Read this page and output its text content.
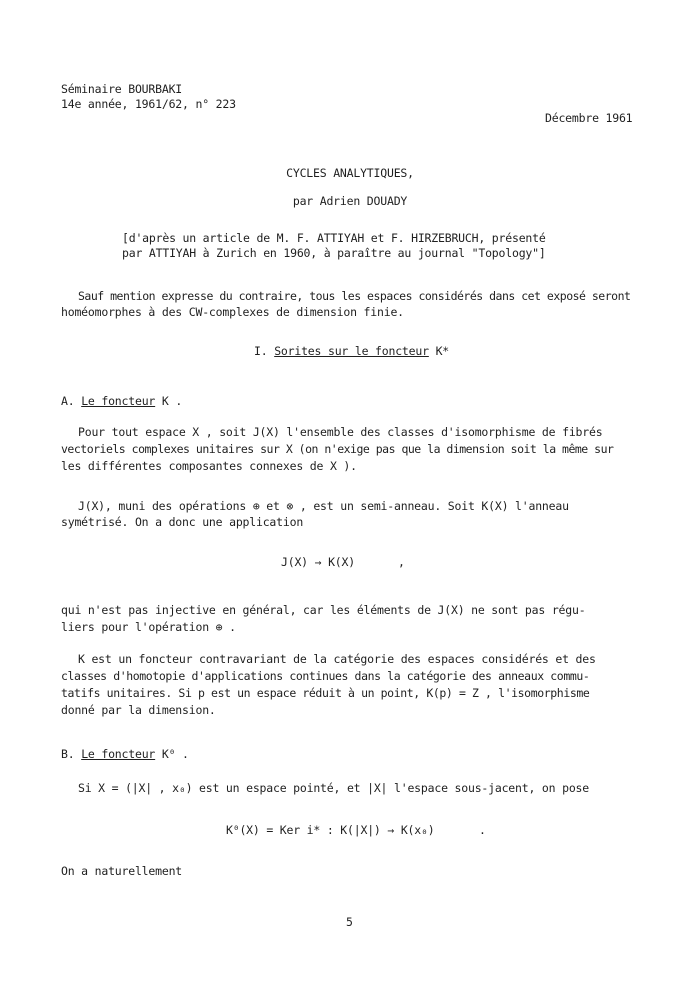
Séminaire BOURBAKI
14e année, 1961/62, n° 223
Décembre 1961
CYCLES ANALYTIQUES,
par Adrien DOUADY
[d'après un article de M. F. ATTIYAH et F. HIRZEBRUCH, présenté
par ATTIYAH à Zurich en 1960, à paraître au journal "Topology"]
Sauf mention expresse du contraire, tous les espaces considérés dans cet exposé seront
homéomorphes à des CW-complexes de dimension finie.
I. Sorites sur le foncteur K*
A. Le foncteur K .
Pour tout espace X , soit J(X) l'ensemble des classes d'isomorphisme de fibrés
vectoriels complexes unitaires sur X (on n'exige pas que la dimension soit la même sur
les différentes composantes connexes de X ).
J(X), muni des opérations ⊕ et ⊗ , est un semi-anneau. Soit K(X) l'anneau
symétrisé. On a donc une application
J(X) → K(X)	,
qui n'est pas injective en général, car les éléments de J(X) ne sont pas régu-
liers pour l'opération ⊕ .
K est un foncteur contravariant de la catégorie des espaces considérés et des
classes d'homotopie d'applications continues dans la catégorie des anneaux commu-
tatifs unitaires. Si p est un espace réduit à un point, K(p) = Z , l'isomorphisme
donné par la dimension.
B. Le foncteur K⁰ .
Si X = (|X| , x₀) est un espace pointé, et |X| l'espace sous-jacent, on pose
K⁰(X) = Ker i* : K(|X|) → K(x₀)	.
On a naturellement
5
